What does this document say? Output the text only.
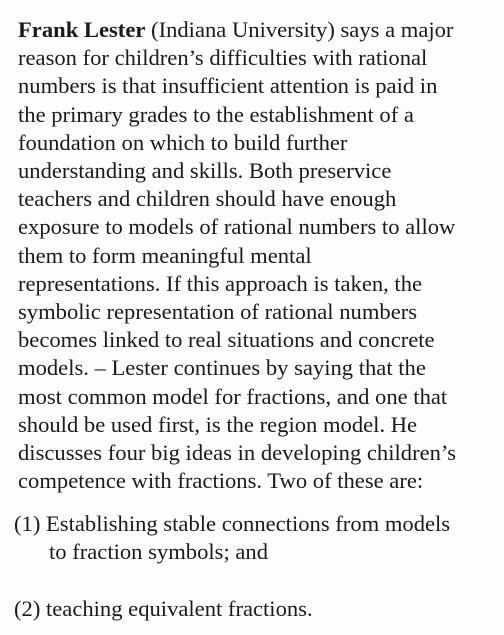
Frank Lester (Indiana University) says a major
reason for children’s difficulties with rational
numbers is that insufficient attention is paid in
the primary grades to the establishment of a
foundation on which to build further
understanding and skills. Both preservice
teachers and children should have enough
exposure to models of rational numbers to allow
them to form meaningful mental
representations. If this approach is taken, the
symbolic representation of rational numbers
becomes linked to real situations and concrete
models. – Lester continues by saying that the
most common model for fractions, and one that
should be used first, is the region model. He
discusses four big ideas in developing children’s
competence with fractions. Two of these are:
(1) Establishing stable connections from models
to fraction symbols; and
(2) teaching equivalent fractions.
